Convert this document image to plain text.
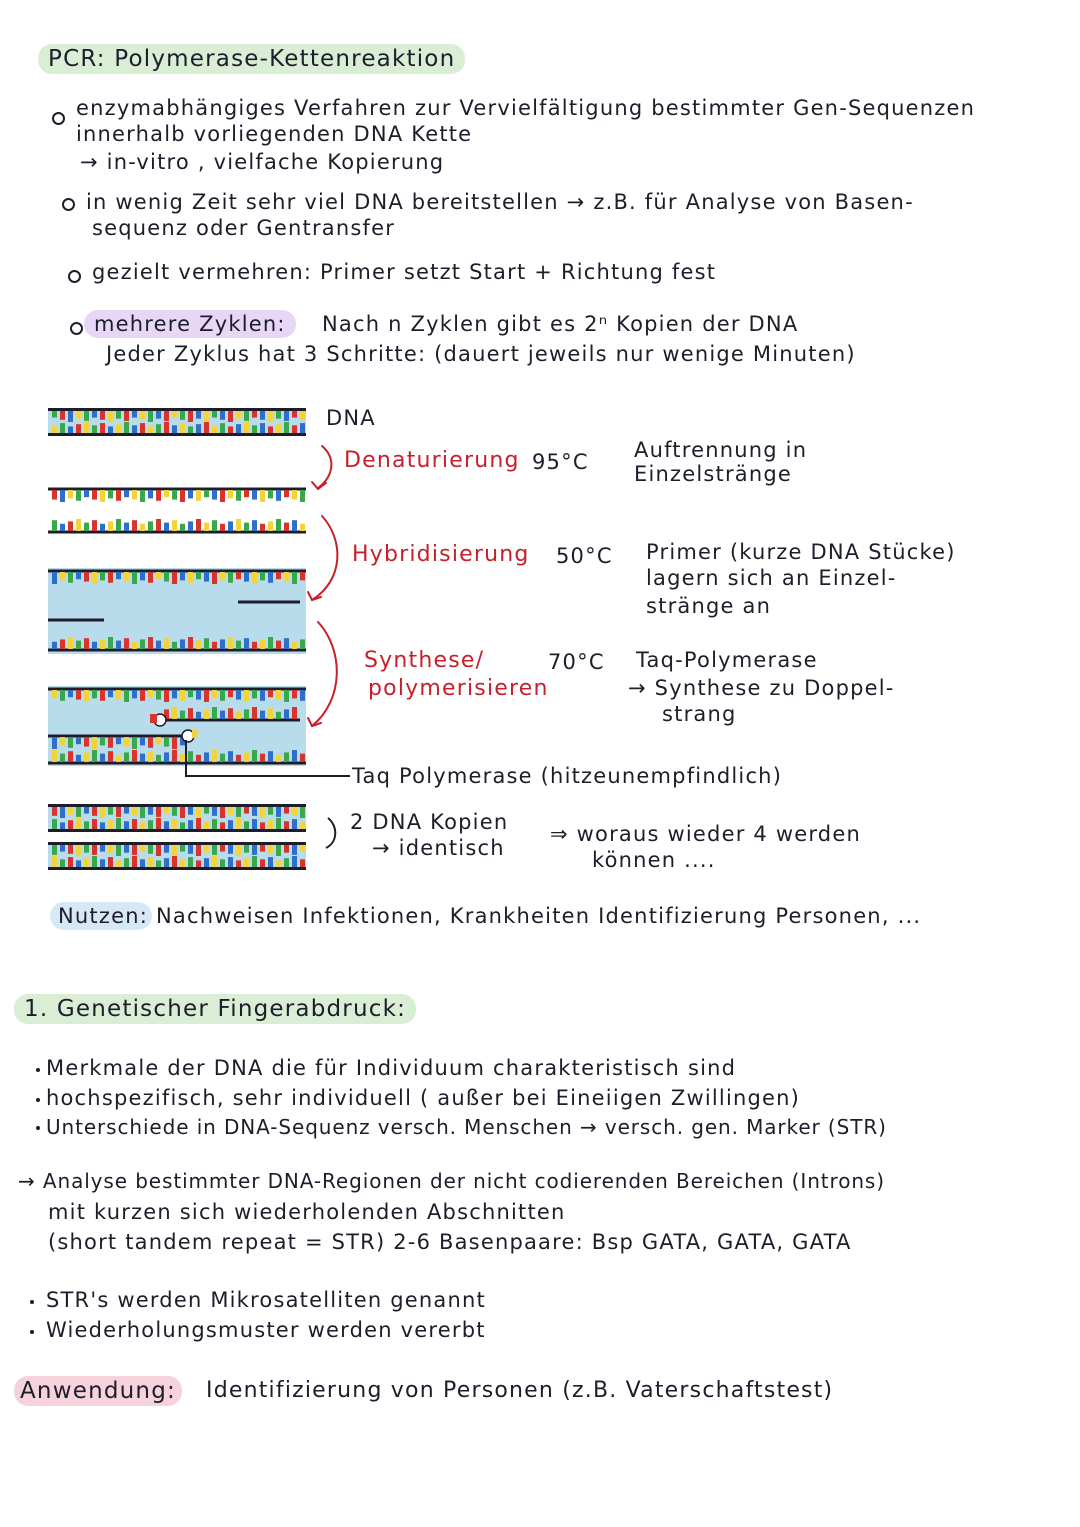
PCR: Polymerase-Kettenreaktion
enzymabhängiges Verfahren zur Vervielfältigung bestimmter Gen-Sequenzen
innerhalb vorliegenden DNA Kette
→ in-vitro , vielfache Kopierung
in wenig Zeit sehr viel DNA bereitstellen → z.B. für Analyse von Basen-
sequenz oder Gentransfer
gezielt vermehren: Primer setzt Start + Richtung fest
mehrere Zyklen:	Nach n Zyklen gibt es 2ⁿ Kopien der DNA
Jeder Zyklus hat 3 Schritte: (dauert jeweils nur wenige Minuten)
DNA
Denaturierung 95°C Auftrennung in
Einzelstränge
Hybridisierung 50°C Primer (kurze DNA Stücke)
lagern sich an Einzel-
stränge an
Synthese/
polymerisieren
70°C Taq-Polymerase
→ Synthese zu Doppel-
strang
Taq Polymerase (hitzeunempfindlich)
2 DNA Kopien
→ identisch
⇒ woraus wieder 4 werden
können ....
Nutzen: Nachweisen Infektionen, Krankheiten Identifizierung Personen, ...
1. Genetischer Fingerabdruck:
Merkmale der DNA die für Individuum charakteristisch sind
hochspezifisch, sehr individuell ( außer bei Eineiigen Zwillingen)
Unterschiede in DNA-Sequenz versch. Menschen → versch. gen. Marker (STR)
→ Analyse bestimmter DNA-Regionen der nicht codierenden Bereichen (Introns)
mit kurzen sich wiederholenden Abschnitten
(short tandem repeat = STR) 2-6 Basenpaare: Bsp GATA, GATA, GATA
STR's werden Mikrosatelliten genannt
Wiederholungsmuster werden vererbt
Anwendung: Identifizierung von Personen (z.B. Vaterschaftstest)
